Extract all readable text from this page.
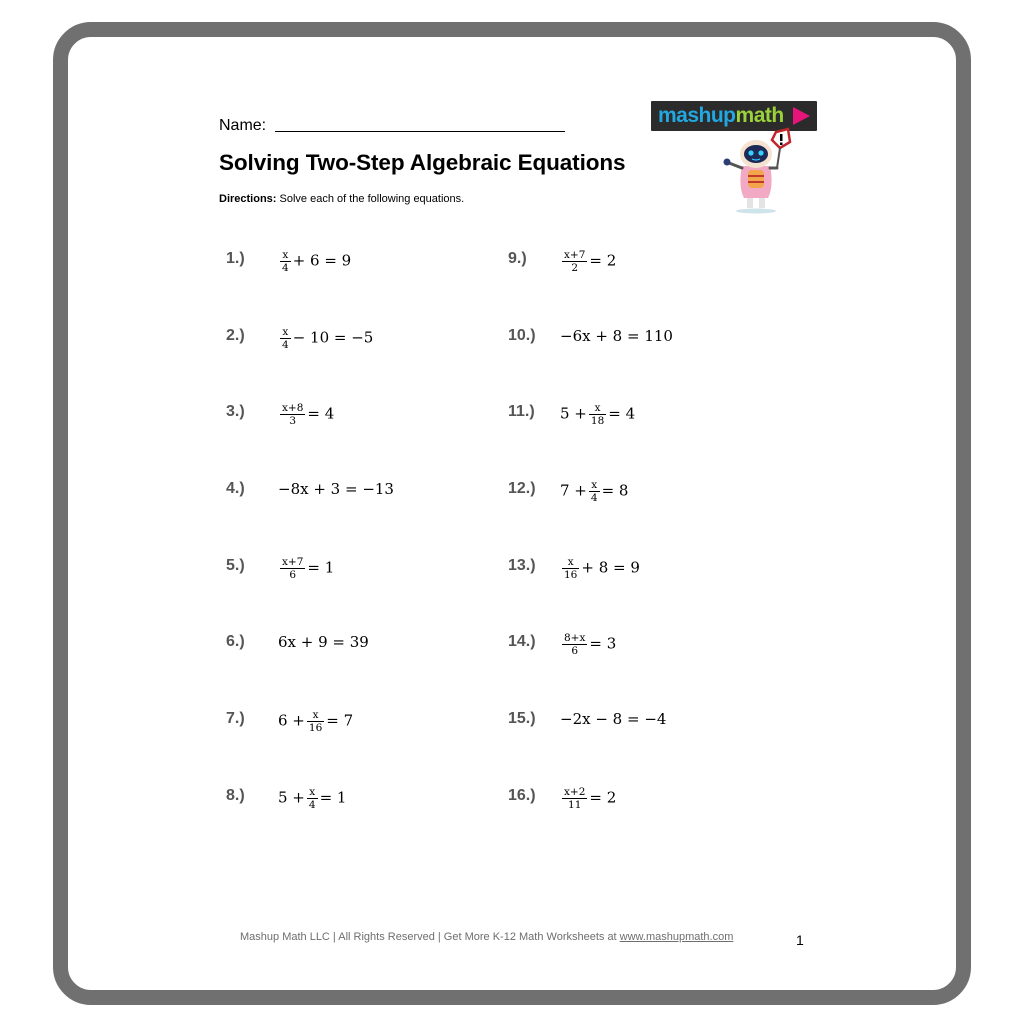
Name:
Solving Two-Step Algebraic Equations
Directions: Solve each of the following equations.
mashupmath
1.)	$\frac{x}{4} + 6 = 9$
2.)	$\frac{x}{4} - 10 = -5$
3.)	$\frac{x+8}{3} = 4$
4.) −8x + 3 = −13
5.)	$\frac{x+7}{6} = 1$
6.) 6x + 9 = 39
7.) $6 + \frac{x}{16} = 7$
8.) $5 + \frac{x}{4} = 1$
9.)	$\frac{x+7}{2} = 2$
10.) −6x + 8 = 110
11.) $5 + \frac{x}{18} = 4$
12.) $7 + \frac{x}{4} = 8$
13.)	$\frac{x}{16} + 8 = 9$
14.)	$\frac{8+x}{6} = 3$
15.) −2x − 8 = −4
16.)	$\frac{x+2}{11} = 2$
Mashup Math LLC | All Rights Reserved | Get More K-12 Math Worksheets at www.mashupmath.com	1
